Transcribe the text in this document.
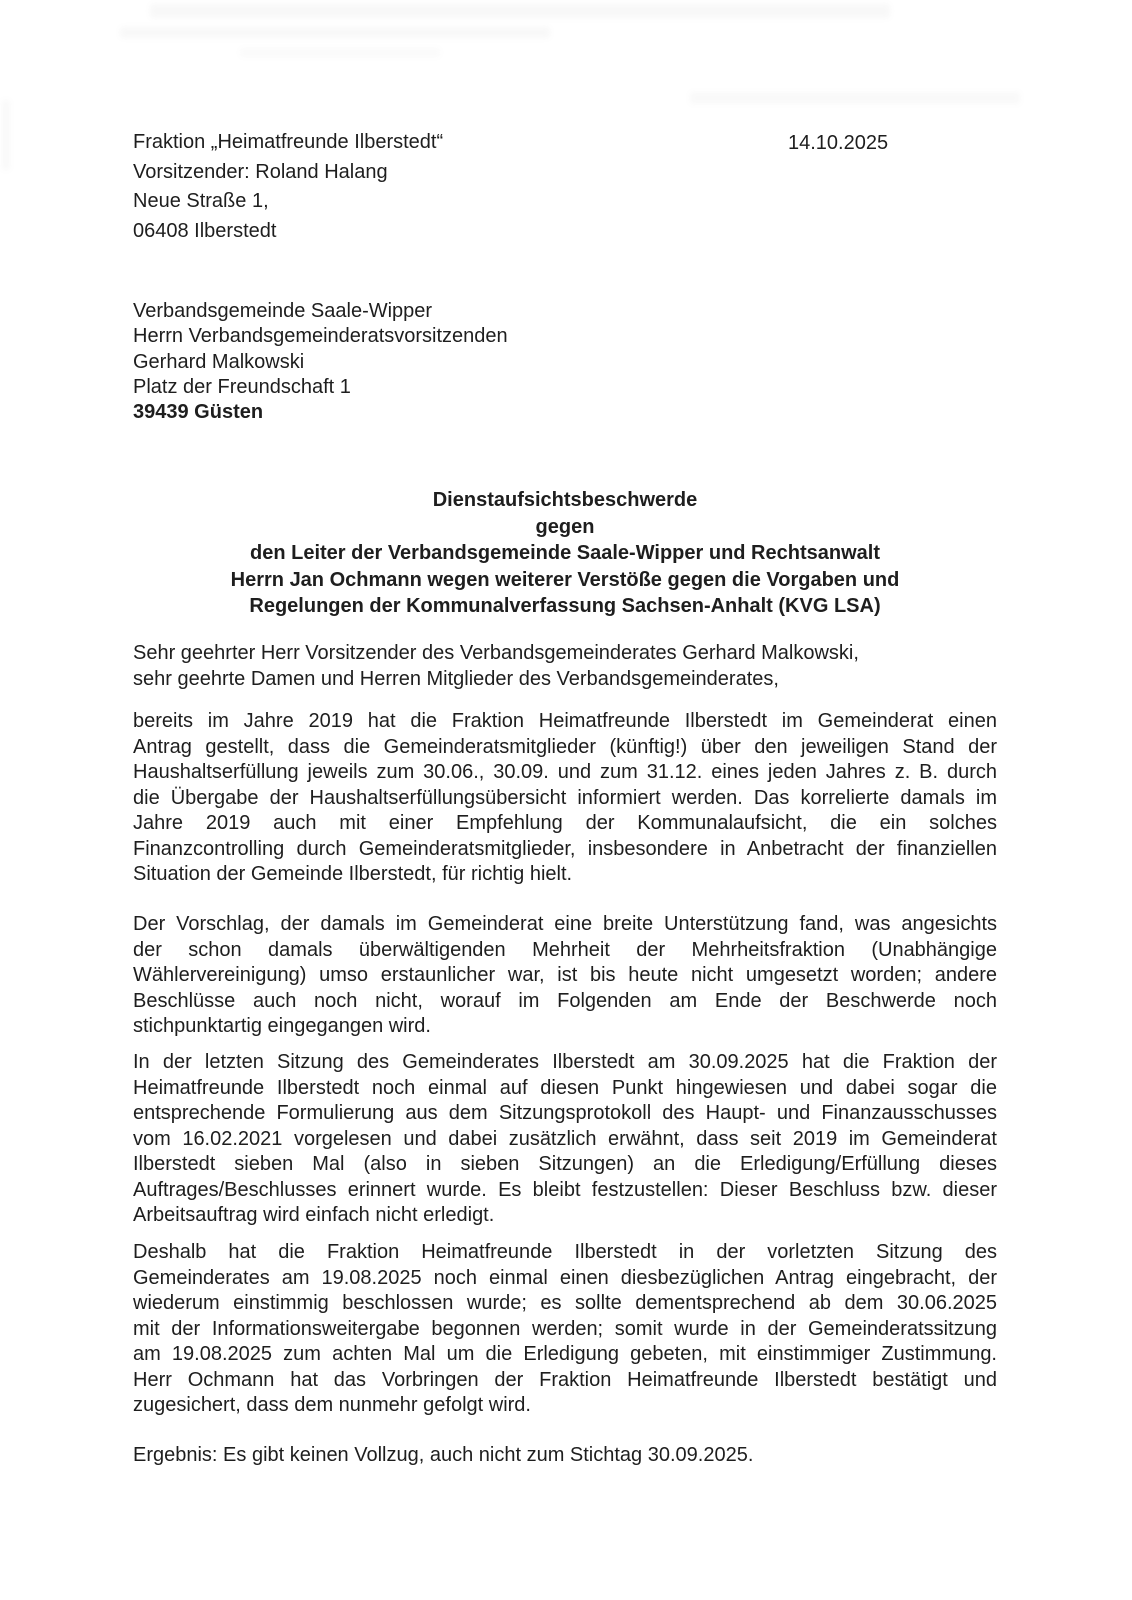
Fraktion „Heimatfreunde Ilberstedt“
Vorsitzender: Roland Halang
Neue Straße 1,
06408 Ilberstedt
14.10.2025
Verbandsgemeinde Saale-Wipper
Herrn Verbandsgemeinderatsvorsitzenden
Gerhard Malkowski
Platz der Freundschaft 1
39439 Güsten
Dienstaufsichtsbeschwerde
gegen
den Leiter der Verbandsgemeinde Saale-Wipper und Rechtsanwalt
Herrn Jan Ochmann wegen weiterer Verstöße gegen die Vorgaben und
Regelungen der Kommunalverfassung Sachsen-Anhalt (KVG LSA)
Sehr geehrter Herr Vorsitzender des Verbandsgemeinderates Gerhard Malkowski,
sehr geehrte Damen und Herren Mitglieder des Verbandsgemeinderates,
bereits im Jahre 2019 hat die Fraktion Heimatfreunde Ilberstedt im Gemeinderat einen
Antrag gestellt, dass die Gemeinderatsmitglieder (künftig!) über den jeweiligen Stand der
Haushaltserfüllung jeweils zum 30.06., 30.09. und zum 31.12. eines jeden Jahres z. B. durch
die Übergabe der Haushaltserfüllungsübersicht informiert werden. Das korrelierte damals im
Jahre 2019 auch mit einer Empfehlung der Kommunalaufsicht, die ein solches
Finanzcontrolling durch Gemeinderatsmitglieder, insbesondere in Anbetracht der finanziellen
Situation der Gemeinde Ilberstedt, für richtig hielt.
Der Vorschlag, der damals im Gemeinderat eine breite Unterstützung fand, was angesichts
der schon damals überwältigenden Mehrheit der Mehrheitsfraktion (Unabhängige
Wählervereinigung) umso erstaunlicher war, ist bis heute nicht umgesetzt worden; andere
Beschlüsse auch noch nicht, worauf im Folgenden am Ende der Beschwerde noch
stichpunktartig eingegangen wird.
In der letzten Sitzung des Gemeinderates Ilberstedt am 30.09.2025 hat die Fraktion der
Heimatfreunde Ilberstedt noch einmal auf diesen Punkt hingewiesen und dabei sogar die
entsprechende Formulierung aus dem Sitzungsprotokoll des Haupt- und Finanzausschusses
vom 16.02.2021 vorgelesen und dabei zusätzlich erwähnt, dass seit 2019 im Gemeinderat
Ilberstedt sieben Mal (also in sieben Sitzungen) an die Erledigung/Erfüllung dieses
Auftrages/Beschlusses erinnert wurde. Es bleibt festzustellen: Dieser Beschluss bzw. dieser
Arbeitsauftrag wird einfach nicht erledigt.
Deshalb hat die Fraktion Heimatfreunde Ilberstedt in der vorletzten Sitzung des
Gemeinderates am 19.08.2025 noch einmal einen diesbezüglichen Antrag eingebracht, der
wiederum einstimmig beschlossen wurde; es sollte dementsprechend ab dem 30.06.2025
mit der Informationsweitergabe begonnen werden; somit wurde in der Gemeinderatssitzung
am 19.08.2025 zum achten Mal um die Erledigung gebeten, mit einstimmiger Zustimmung.
Herr Ochmann hat das Vorbringen der Fraktion Heimatfreunde Ilberstedt bestätigt und
zugesichert, dass dem nunmehr gefolgt wird.
Ergebnis: Es gibt keinen Vollzug, auch nicht zum Stichtag 30.09.2025.
